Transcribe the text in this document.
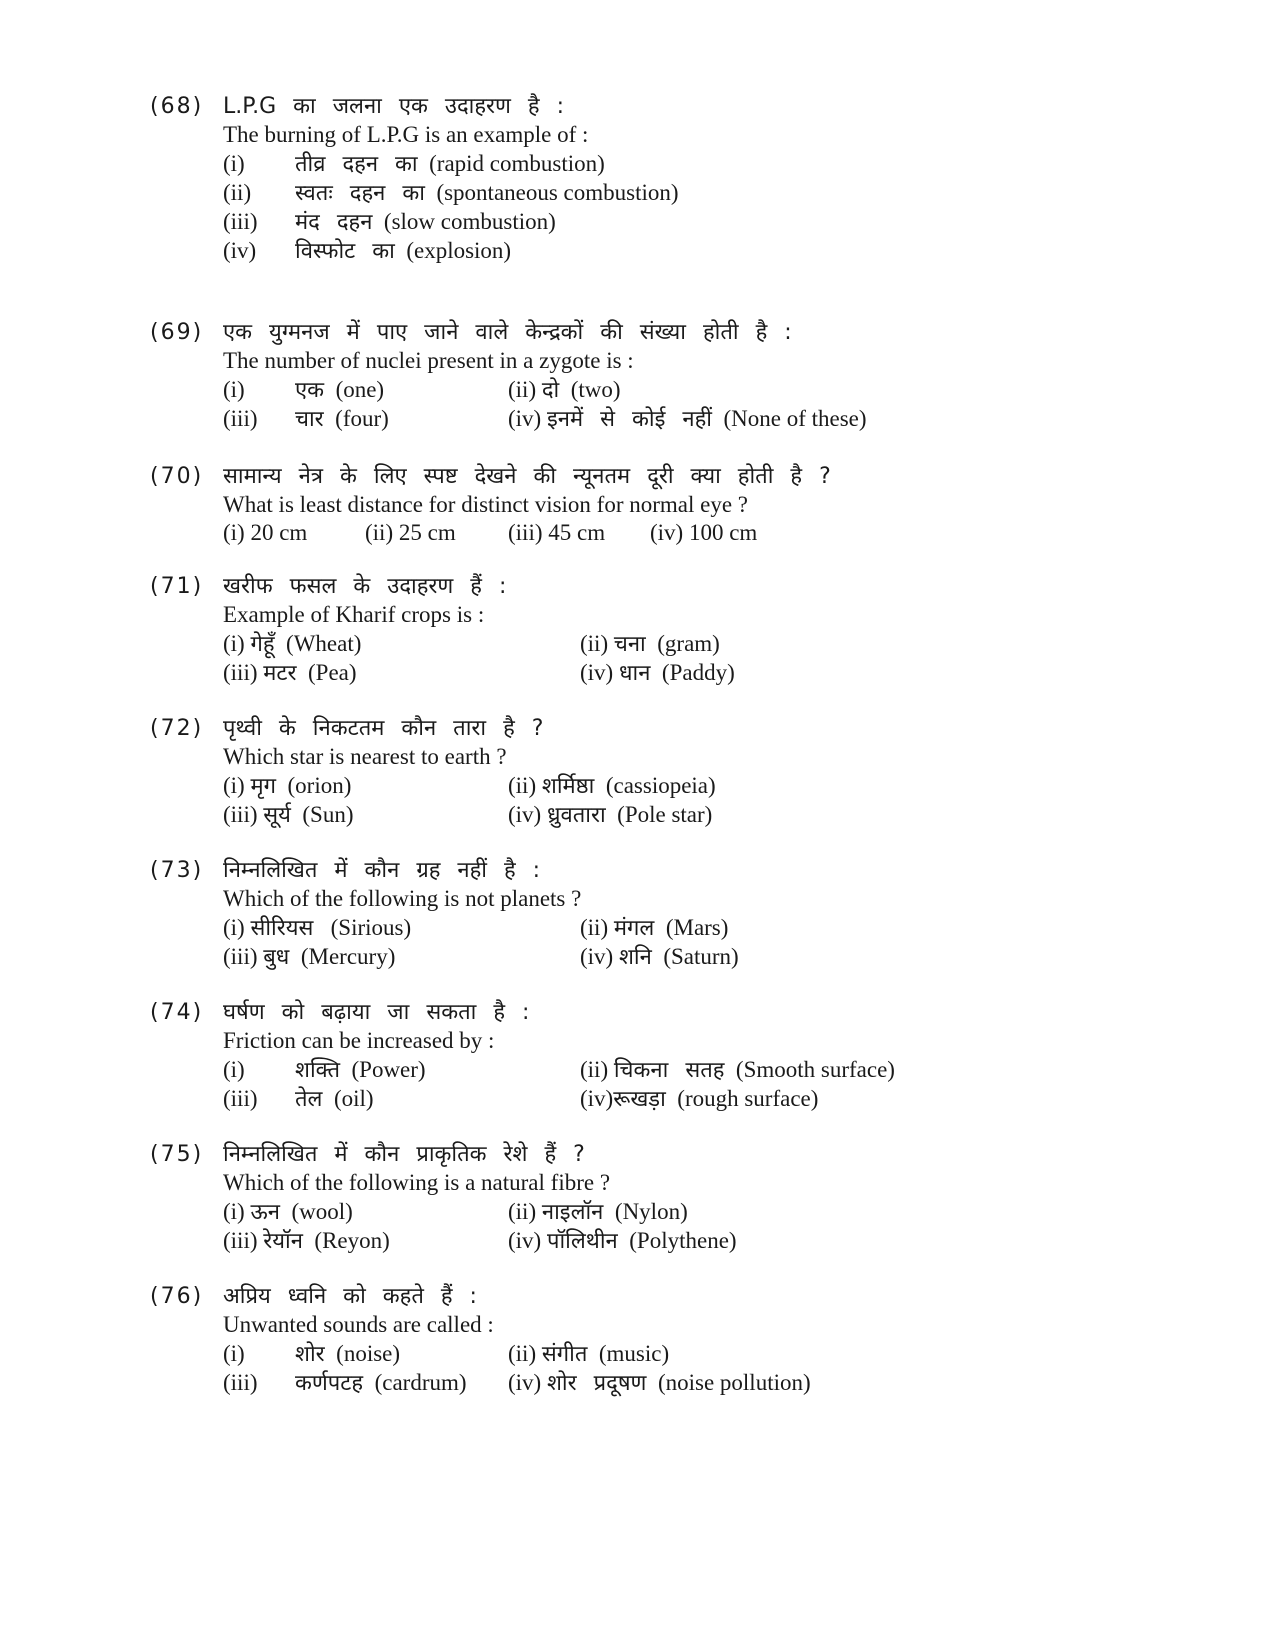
(68) L.P.G का जलना एक उदाहरण है :
The burning of L.P.G is an example of :
(i) तीव्र दहन का (rapid combustion)
(ii) स्वतः दहन का (spontaneous combustion)
(iii) मंद दहन (slow combustion)
(iv) विस्फोट का (explosion)
(69) एक युग्मनज में पाए जाने वाले केन्द्रकों की संख्या होती है :
The number of nuclei present in a zygote is :
(i) एक (one)	(ii) दो (two)
(iii) चार (four)	(iv) इनमें से कोई नहीं (None of these)
(70) सामान्य नेत्र के लिए स्पष्ट देखने की न्यूनतम दूरी क्या होती है ?
What is least distance for distinct vision for normal eye ?
(i) 20 cm	(ii) 25 cm (iii) 45 cm (iv) 100 cm
(71) खरीफ फसल के उदाहरण हैं :
Example of Kharif crops is :
(i) गेहूँ (Wheat)	(ii) चना (gram)
(iii) मटर (Pea)	(iv) धान (Paddy)
(72) पृथ्वी के निकटतम कौन तारा है ?
Which star is nearest to earth ?
(i) मृग (orion)	(ii) शर्मिष्ठा (cassiopeia)
(iii) सूर्य (Sun)	(iv) ध्रुवतारा (Pole star)
(73) निम्नलिखित में कौन ग्रह नहीं है :
Which of the following is not planets ?
(i) सीरियस (Sirious)	(ii) मंगल (Mars)
(iii) बुध (Mercury)	(iv) शनि (Saturn)
(74) घर्षण को बढ़ाया जा सकता है :
Friction can be increased by :
(i) शक्ति (Power)	(ii) चिकना सतह (Smooth surface)
(iii) तेल (oil)	(iv)रूखड़ा (rough surface)
(75) निम्नलिखित में कौन प्राकृतिक रेशे हैं ?
Which of the following is a natural fibre ?
(i) ऊन (wool)	(ii) नाइलॉन (Nylon)
(iii) रेयॉन (Reyon)	(iv) पॉलिथीन (Polythene)
(76) अप्रिय ध्वनि को कहते हैं :
Unwanted sounds are called :
(i) शोर (noise)	(ii) संगीत (music)
(iii) कर्णपटह (cardrum) (iv) शोर प्रदूषण (noise pollution)
